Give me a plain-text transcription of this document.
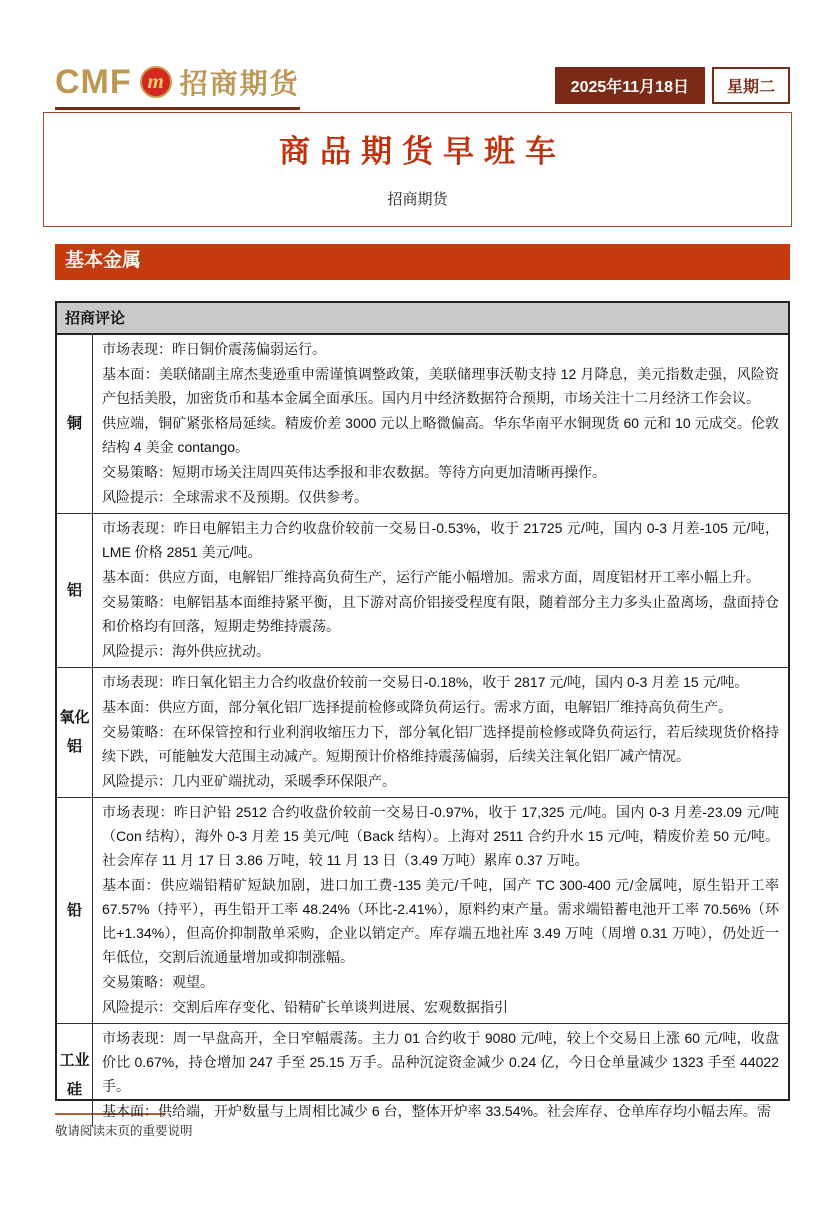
CMF m 招商期货	2025年11月18日	星期二
商品期货早班车
招商期货
基本金属
招商评论
铜

市场表现：昨日铜价震荡偏弱运行。

基本面：美联储副主席杰斐逊重申需谨慎调整政策，美联储理事沃勒支持 12 月降息，美元指数走强，风险资产包括美股，加密货币和基本金属全面承压。国内月中经济数据符合预期，市场关注十二月经济工作会议。

供应端，铜矿紧张格局延续。精废价差 3000 元以上略微偏高。华东华南平水铜现货 60 元和 10 元成交。伦敦结构 4 美金 contango。

交易策略：短期市场关注周四英伟达季报和非农数据。等待方向更加清晰再操作。

风险提示：全球需求不及预期。仅供参考。

铝

市场表现：昨日电解铝主力合约收盘价较前一交易日-0.53%，收于 21725 元/吨，国内 0-3 月差-105 元/吨，LME 价格 2851 美元/吨。

基本面：供应方面，电解铝厂维持高负荷生产，运行产能小幅增加。需求方面，周度铝材开工率小幅上升。

交易策略：电解铝基本面维持紧平衡，且下游对高价铝接受程度有限，随着部分主力多头止盈离场，盘面持仓和价格均有回落，短期走势维持震荡。

风险提示：海外供应扰动。

氧化铝

市场表现：昨日氧化铝主力合约收盘价较前一交易日-0.18%，收于 2817 元/吨，国内 0-3 月差 15 元/吨。

基本面：供应方面，部分氧化铝厂选择提前检修或降负荷运行。需求方面，电解铝厂维持高负荷生产。

交易策略：在环保管控和行业利润收缩压力下，部分氧化铝厂选择提前检修或降负荷运行，若后续现货价格持续下跌，可能触发大范围主动减产。短期预计价格维持震荡偏弱，后续关注氧化铝厂减产情况。

风险提示：几内亚矿端扰动，采暖季环保限产。

铅

市场表现：昨日沪铅 2512 合约收盘价较前一交易日-0.97%，收于 17,325 元/吨。国内 0-3 月差-23.09 元/吨（Con 结构），海外 0-3 月差 15 美元/吨（Back 结构）。上海对 2511 合约升水 15 元/吨，精废价差 50 元/吨。社会库存 11 月 17 日 3.86 万吨，较 11 月 13 日（3.49 万吨）累库 0.37 万吨。

基本面：供应端铅精矿短缺加剧，进口加工费-135 美元/千吨，国产 TC 300-400 元/金属吨，原生铅开工率 67.57%（持平），再生铅开工率 48.24%（环比-2.41%），原料约束产量。需求端铅蓄电池开工率 70.56%（环比+1.34%），但高价抑制散单采购，企业以销定产。库存端五地社库 3.49 万吨（周增 0.31 万吨），仍处近一年低位，交割后流通量增加或抑制涨幅。

交易策略：观望。

风险提示：交割后库存变化、铅精矿长单谈判进展、宏观数据指引

工业硅

市场表现：周一早盘高开，全日窄幅震荡。主力 01 合约收于 9080 元/吨，较上个交易日上涨 60 元/吨，收盘价比 0.67%，持仓增加 247 手至 25.15 万手。品种沉淀资金减少 0.24 亿，今日仓单量减少 1323 手至 44022 手。

基本面：供给端，开炉数量与上周相比减少 6 台，整体开炉率 33.54%。社会库存、仓单库存均小幅去库。需

敬请阅读末页的重要说明
